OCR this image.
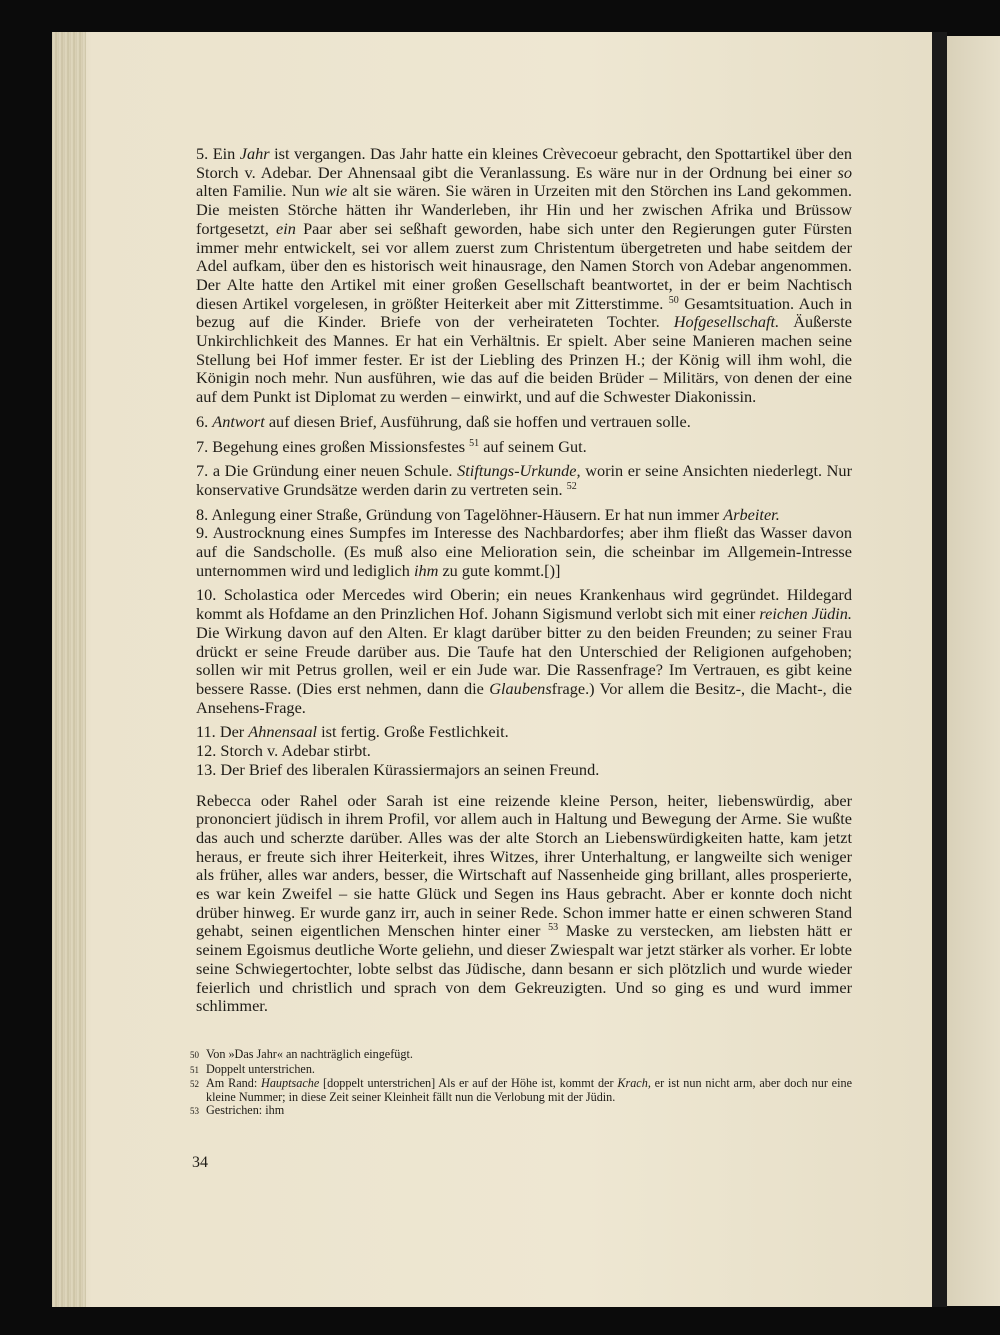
5. Ein Jahr ist vergangen. Das Jahr hatte ein kleines Crèvecoeur gebracht, den Spottartikel über den Storch v. Adebar. Der Ahnensaal gibt die Veranlassung. Es wäre nur in der Ordnung bei einer so alten Familie. Nun wie alt sie wären. Sie wären in Urzeiten mit den Störchen ins Land gekommen. Die meisten Störche hätten ihr Wanderleben, ihr Hin und her zwischen Afrika und Brüssow fortgesetzt, ein Paar aber sei seßhaft geworden, habe sich unter den Regierungen guter Fürsten immer mehr entwickelt, sei vor allem zuerst zum Christentum übergetreten und habe seitdem der Adel aufkam, über den es historisch weit hinausrage, den Namen Storch von Adebar angenommen. Der Alte hatte den Artikel mit einer großen Gesellschaft beantwortet, in der er beim Nachtisch diesen Artikel vorgelesen, in größter Heiterkeit aber mit Zitterstimme. $^{50}$ Gesamtsituation. Auch in bezug auf die Kinder. Briefe von der verheirateten Tochter. Hofgesellschaft. Äußerste Unkirchlichkeit des Mannes. Er hat ein Verhältnis. Er spielt. Aber seine Manieren machen seine Stellung bei Hof immer fester. Er ist der Liebling des Prinzen H.; der König will ihm wohl, die Königin noch mehr. Nun ausführen, wie das auf die beiden Brüder – Militärs, von denen der eine auf dem Punkt ist Diplomat zu werden – einwirkt, und auf die Schwester Diakonissin.

6. Antwort auf diesen Brief, Ausführung, daß sie hoffen und vertrauen solle.

7. Begehung eines großen Missionsfestes $^{51}$ auf seinem Gut.

7. a Die Gründung einer neuen Schule. Stiftungs-Urkunde, worin er seine Ansichten niederlegt. Nur konservative Grundsätze werden darin zu vertreten sein. $^{52}$

8. Anlegung einer Straße, Gründung von Tagelöhner-Häusern. Er hat nun immer Arbeiter.

9. Austrocknung eines Sumpfes im Interesse des Nachbardorfes; aber ihm fließt das Wasser davon auf die Sandscholle. (Es muß also eine Melioration sein, die scheinbar im Allgemein-Intresse unternommen wird und lediglich ihm zu gute kommt.[)]

10. Scholastica oder Mercedes wird Oberin; ein neues Krankenhaus wird gegründet. Hildegard kommt als Hofdame an den Prinzlichen Hof. Johann Sigismund verlobt sich mit einer reichen Jüdin. Die Wirkung davon auf den Alten. Er klagt darüber bitter zu den beiden Freunden; zu seiner Frau drückt er seine Freude darüber aus. Die Taufe hat den Unterschied der Religionen aufgehoben; sollen wir mit Petrus grollen, weil er ein Jude war. Die Rassenfrage? Im Vertrauen, es gibt keine bessere Rasse. (Dies erst nehmen, dann die Glaubensfrage.) Vor allem die Besitz-, die Macht-, die Ansehens-Frage.

11. Der Ahnensaal ist fertig. Große Festlichkeit.

12. Storch v. Adebar stirbt.

13. Der Brief des liberalen Kürassiermajors an seinen Freund.

Rebecca oder Rahel oder Sarah ist eine reizende kleine Person, heiter, liebenswürdig, aber prononciert jüdisch in ihrem Profil, vor allem auch in Haltung und Bewegung der Arme. Sie wußte das auch und scherzte darüber. Alles was der alte Storch an Liebenswürdigkeiten hatte, kam jetzt heraus, er freute sich ihrer Heiterkeit, ihres Witzes, ihrer Unterhaltung, er langweilte sich weniger als früher, alles war anders, besser, die Wirtschaft auf Nassenheide ging brillant, alles prosperierte, es war kein Zweifel – sie hatte Glück und Segen ins Haus gebracht. Aber er konnte doch nicht drüber hinweg. Er wurde ganz irr, auch in seiner Rede. Schon immer hatte er einen schweren Stand gehabt, seinen eigentlichen Menschen hinter einer $^{53}$ Maske zu verstecken, am liebsten hätt er seinem Egoismus deutliche Worte geliehn, und dieser Zwiespalt war jetzt stärker als vorher. Er lobte seine Schwiegertochter, lobte selbst das Jüdische, dann besann er sich plötzlich und wurde wieder feierlich und christlich und sprach von dem Gekreuzigten. Und so ging es und wurd immer schlimmer.

50 Von »Das Jahr« an nachträglich eingefügt.
51 Doppelt unterstrichen.
52 Am Rand: Hauptsache [doppelt unterstrichen] Als er auf der Höhe ist, kommt der Krach, er ist nun nicht arm, aber doch nur eine kleine Nummer; in diese Zeit seiner Kleinheit fällt nun die Verlobung mit der Jüdin.
53 Gestrichen: ihm
34
